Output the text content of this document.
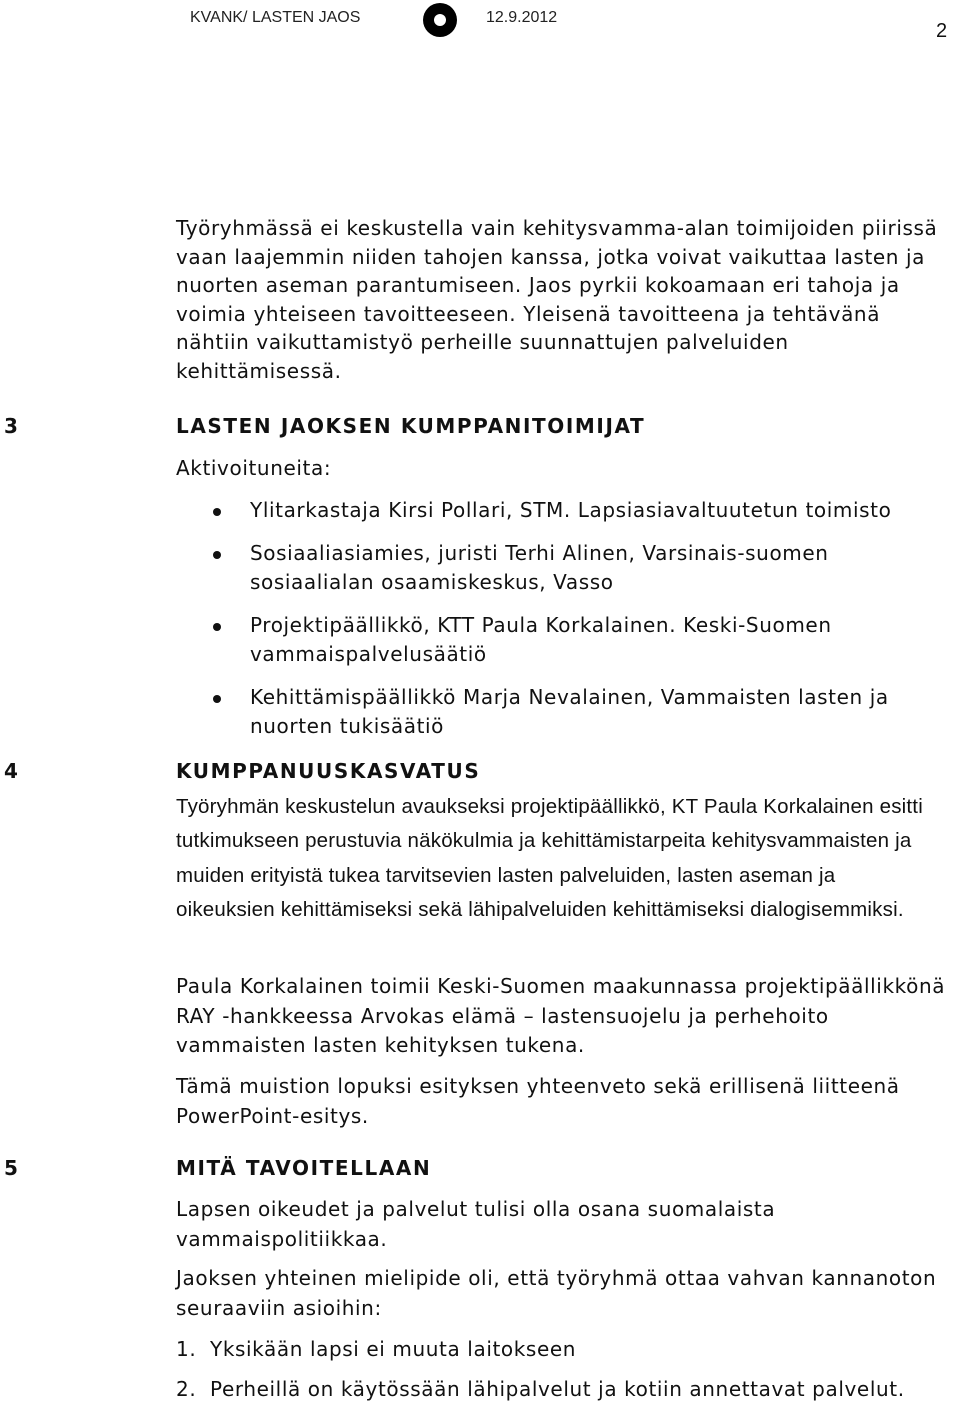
KVANK/ LASTEN JAOS	12.9.2012
2

Työryhmässä ei keskustella vain kehitysvamma-alan toimijoiden piirissä vaan laajemmin niiden tahojen kanssa, jotka voivat vaikuttaa lasten ja nuorten aseman parantumiseen. Jaos pyrkii kokoamaan eri tahoja ja voimia yhteiseen tavoitteeseen. Yleisenä tavoitteena ja tehtävänä nähtiin vaikuttamistyö perheille suunnattujen palveluiden kehittämisessä.

3	LASTEN JAOKSEN KUMPPANITOIMIJAT

Aktivoituneita:

Ylitarkastaja Kirsi Pollari, STM. Lapsiasiavaltuutetun toimisto
Sosiaaliasiamies, juristi Terhi Alinen, Varsinais-suomen sosiaalialan osaamiskeskus, Vasso
Projektipäällikkö, KTT Paula Korkalainen. Keski-Suomen vammaispalvelusäätiö
Kehittämispäällikkö Marja Nevalainen, Vammaisten lasten ja nuorten tukisäätiö
4	KUMPPANUUSKASVATUS

Työryhmän keskustelun avaukseksi projektipäällikkö, KT Paula Korkalainen esitti tutkimukseen perustuvia näkökulmia ja kehittämistarpeita kehitysvammaisten ja muiden erityistä tukea tarvitsevien lasten palveluiden, lasten aseman ja oikeuksien kehittämiseksi sekä lähipalveluiden kehittämiseksi dialogisemmiksi.

Paula Korkalainen toimii Keski-Suomen maakunnassa projektipäällikkönä RAY -hankkeessa Arvokas elämä – lastensuojelu ja perhehoito vammaisten lasten kehityksen tukena.

Tämä muistion lopuksi esityksen yhteenveto sekä erillisenä liitteenä PowerPoint-esitys.

5	MITÄ TAVOITELLAAN

Lapsen oikeudet ja palvelut tulisi olla osana suomalaista vammaispolitiikkaa.

Jaoksen yhteinen mielipide oli, että työryhmä ottaa vahvan kannanoton seuraaviin asioihin:

1. Yksikään lapsi ei muuta laitokseen
2. Perheillä on käytössään lähipalvelut ja kotiin annettavat palvelut.
